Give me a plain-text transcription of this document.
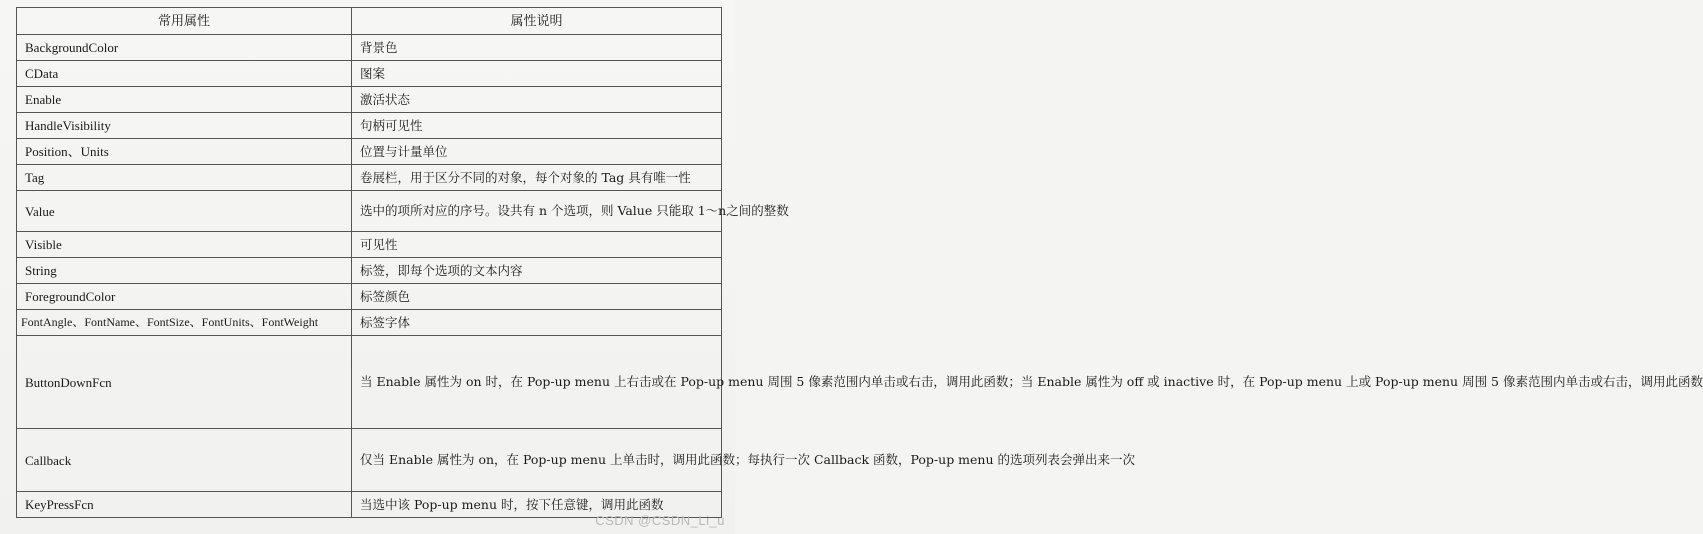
常用属性	属性说明
BackgroundColor	背景色
CData	图案
Enable	激活状态
HandleVisibility	句柄可见性
Position、Units	位置与计量单位
Tag	卷展栏，用于区分不同的对象，每个对象的 Tag 具有唯一性
Value	选中的项所对应的序号。设共有 n 个选项，则 Value 只能取 1～n之间的整数
Visible	可见性
String	标签，即每个选项的文本内容
ForegroundColor	标签颜色
FontAngle、FontName、FontSize、FontUnits、FontWeight	标签字体
ButtonDownFcn	当 Enable 属性为 on 时，在 Pop-up menu 上右击或在 Pop-up menu 周围 5 像素范围内单击或右击，调用此函数；当 Enable 属性为 off 或 inactive 时，在 Pop-up menu 上或 Pop-up menu 周围 5 像素范围内单击或右击，调用此函数
Callback	仅当 Enable 属性为 on，在 Pop-up menu 上单击时，调用此函数；每执行一次 Callback 函数，Pop-up menu 的选项列表会弹出来一次
KeyPressFcn	当选中该 Pop-up menu 时，按下任意键，调用此函数
CSDN @CSDN_Li_u
